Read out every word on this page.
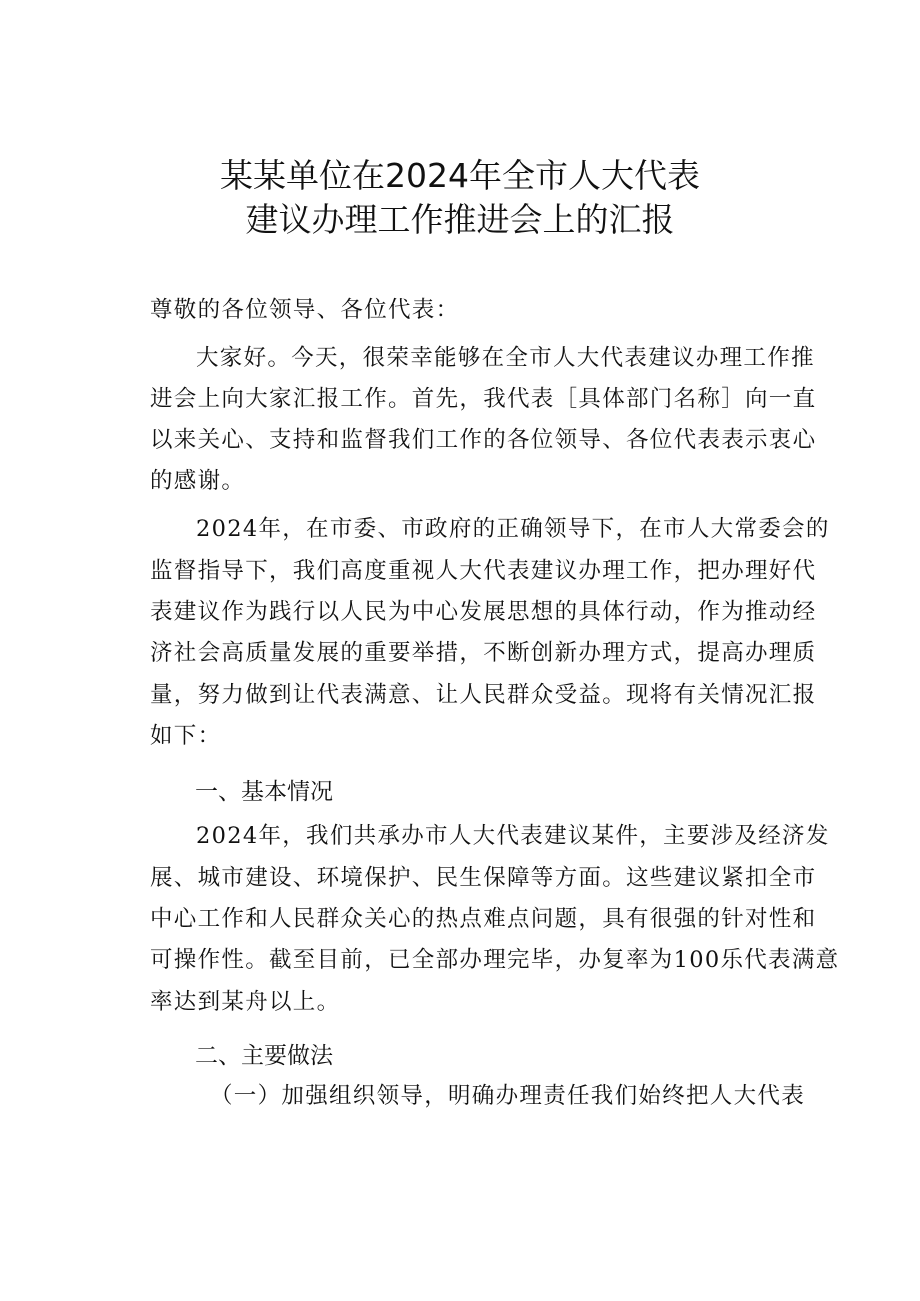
某某单位在2024年全市人大代表
建议办理工作推进会上的汇报
尊敬的各位领导、各位代表：
大家好。今天，很荣幸能够在全市人大代表建议办理工作推
进会上向大家汇报工作。首先，我代表［具体部门名称］向一直
以来关心、支持和监督我们工作的各位领导、各位代表表示衷心
的感谢。
2024年，在市委、市政府的正确领导下，在市人大常委会的
监督指导下，我们高度重视人大代表建议办理工作，把办理好代
表建议作为践行以人民为中心发展思想的具体行动，作为推动经
济社会高质量发展的重要举措，不断创新办理方式，提高办理质
量，努力做到让代表满意、让人民群众受益。现将有关情况汇报
如下：
一、基本情况
2024年，我们共承办市人大代表建议某件，主要涉及经济发
展、城市建设、环境保护、民生保障等方面。这些建议紧扣全市
中心工作和人民群众关心的热点难点问题，具有很强的针对性和
可操作性。截至目前，已全部办理完毕，办复率为100乐代表满意
率达到某舟以上。
二、主要做法
（一）加强组织领导，明确办理责任我们始终把人大代表
